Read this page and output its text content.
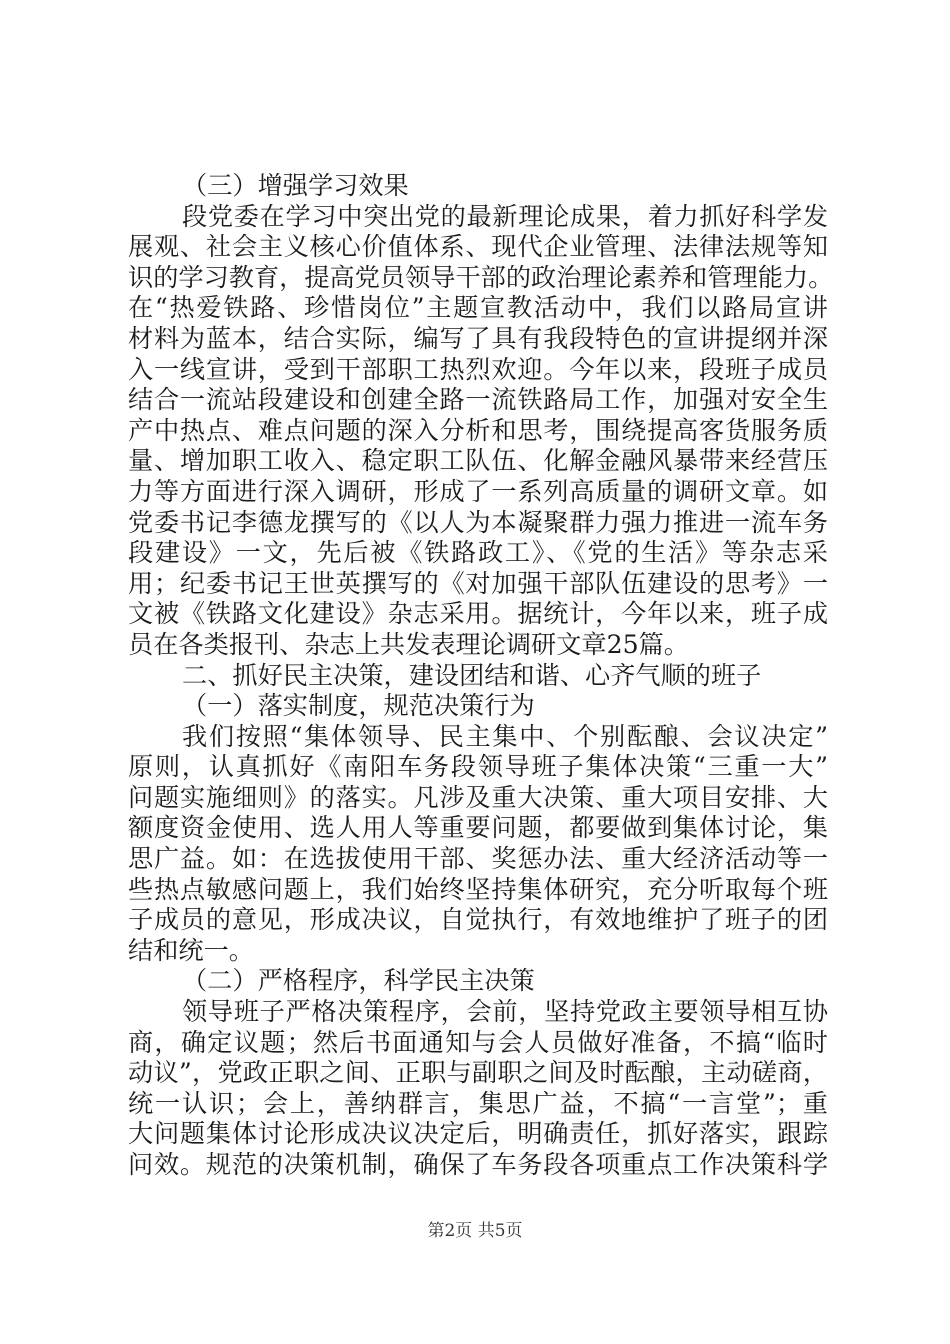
（三）增强学习效果
段党委在学习中突出党的最新理论成果，着力抓好科学发
展观、社会主义核心价值体系、现代企业管理、法律法规等知
识的学习教育，提高党员领导干部的政治理论素养和管理能力。
在“热爱铁路、珍惜岗位”主题宣教活动中，我们以路局宣讲
材料为蓝本，结合实际，编写了具有我段特色的宣讲提纲并深
入一线宣讲，受到干部职工热烈欢迎。今年以来，段班子成员
结合一流站段建设和创建全路一流铁路局工作，加强对安全生
产中热点、难点问题的深入分析和思考，围绕提高客货服务质
量、增加职工收入、稳定职工队伍、化解金融风暴带来经营压
力等方面进行深入调研，形成了一系列高质量的调研文章。如
党委书记李德龙撰写的《以人为本凝聚群力强力推进一流车务
段建设》一文，先后被《铁路政工》、《党的生活》等杂志采
用；纪委书记王世英撰写的《对加强干部队伍建设的思考》一
文被《铁路文化建设》杂志采用。据统计，今年以来，班子成
员在各类报刊、杂志上共发表理论调研文章25篇。
二、抓好民主决策，建设团结和谐、心齐气顺的班子
（一）落实制度，规范决策行为
我们按照“集体领导、民主集中、个别酝酿、会议决定”
原则，认真抓好《南阳车务段领导班子集体决策“三重一大”
问题实施细则》的落实。凡涉及重大决策、重大项目安排、大
额度资金使用、选人用人等重要问题，都要做到集体讨论，集
思广益。如：在选拔使用干部、奖惩办法、重大经济活动等一
些热点敏感问题上，我们始终坚持集体研究，充分听取每个班
子成员的意见，形成决议，自觉执行，有效地维护了班子的团
结和统一。
（二）严格程序，科学民主决策
领导班子严格决策程序，会前，坚持党政主要领导相互协
商，确定议题；然后书面通知与会人员做好准备，不搞“临时
动议”，党政正职之间、正职与副职之间及时酝酿，主动磋商，
统一认识；会上，善纳群言，集思广益，不搞“一言堂”；重
大问题集体讨论形成决议决定后，明确责任，抓好落实，跟踪
问效。规范的决策机制，确保了车务段各项重点工作决策科学
第2页 共5页
